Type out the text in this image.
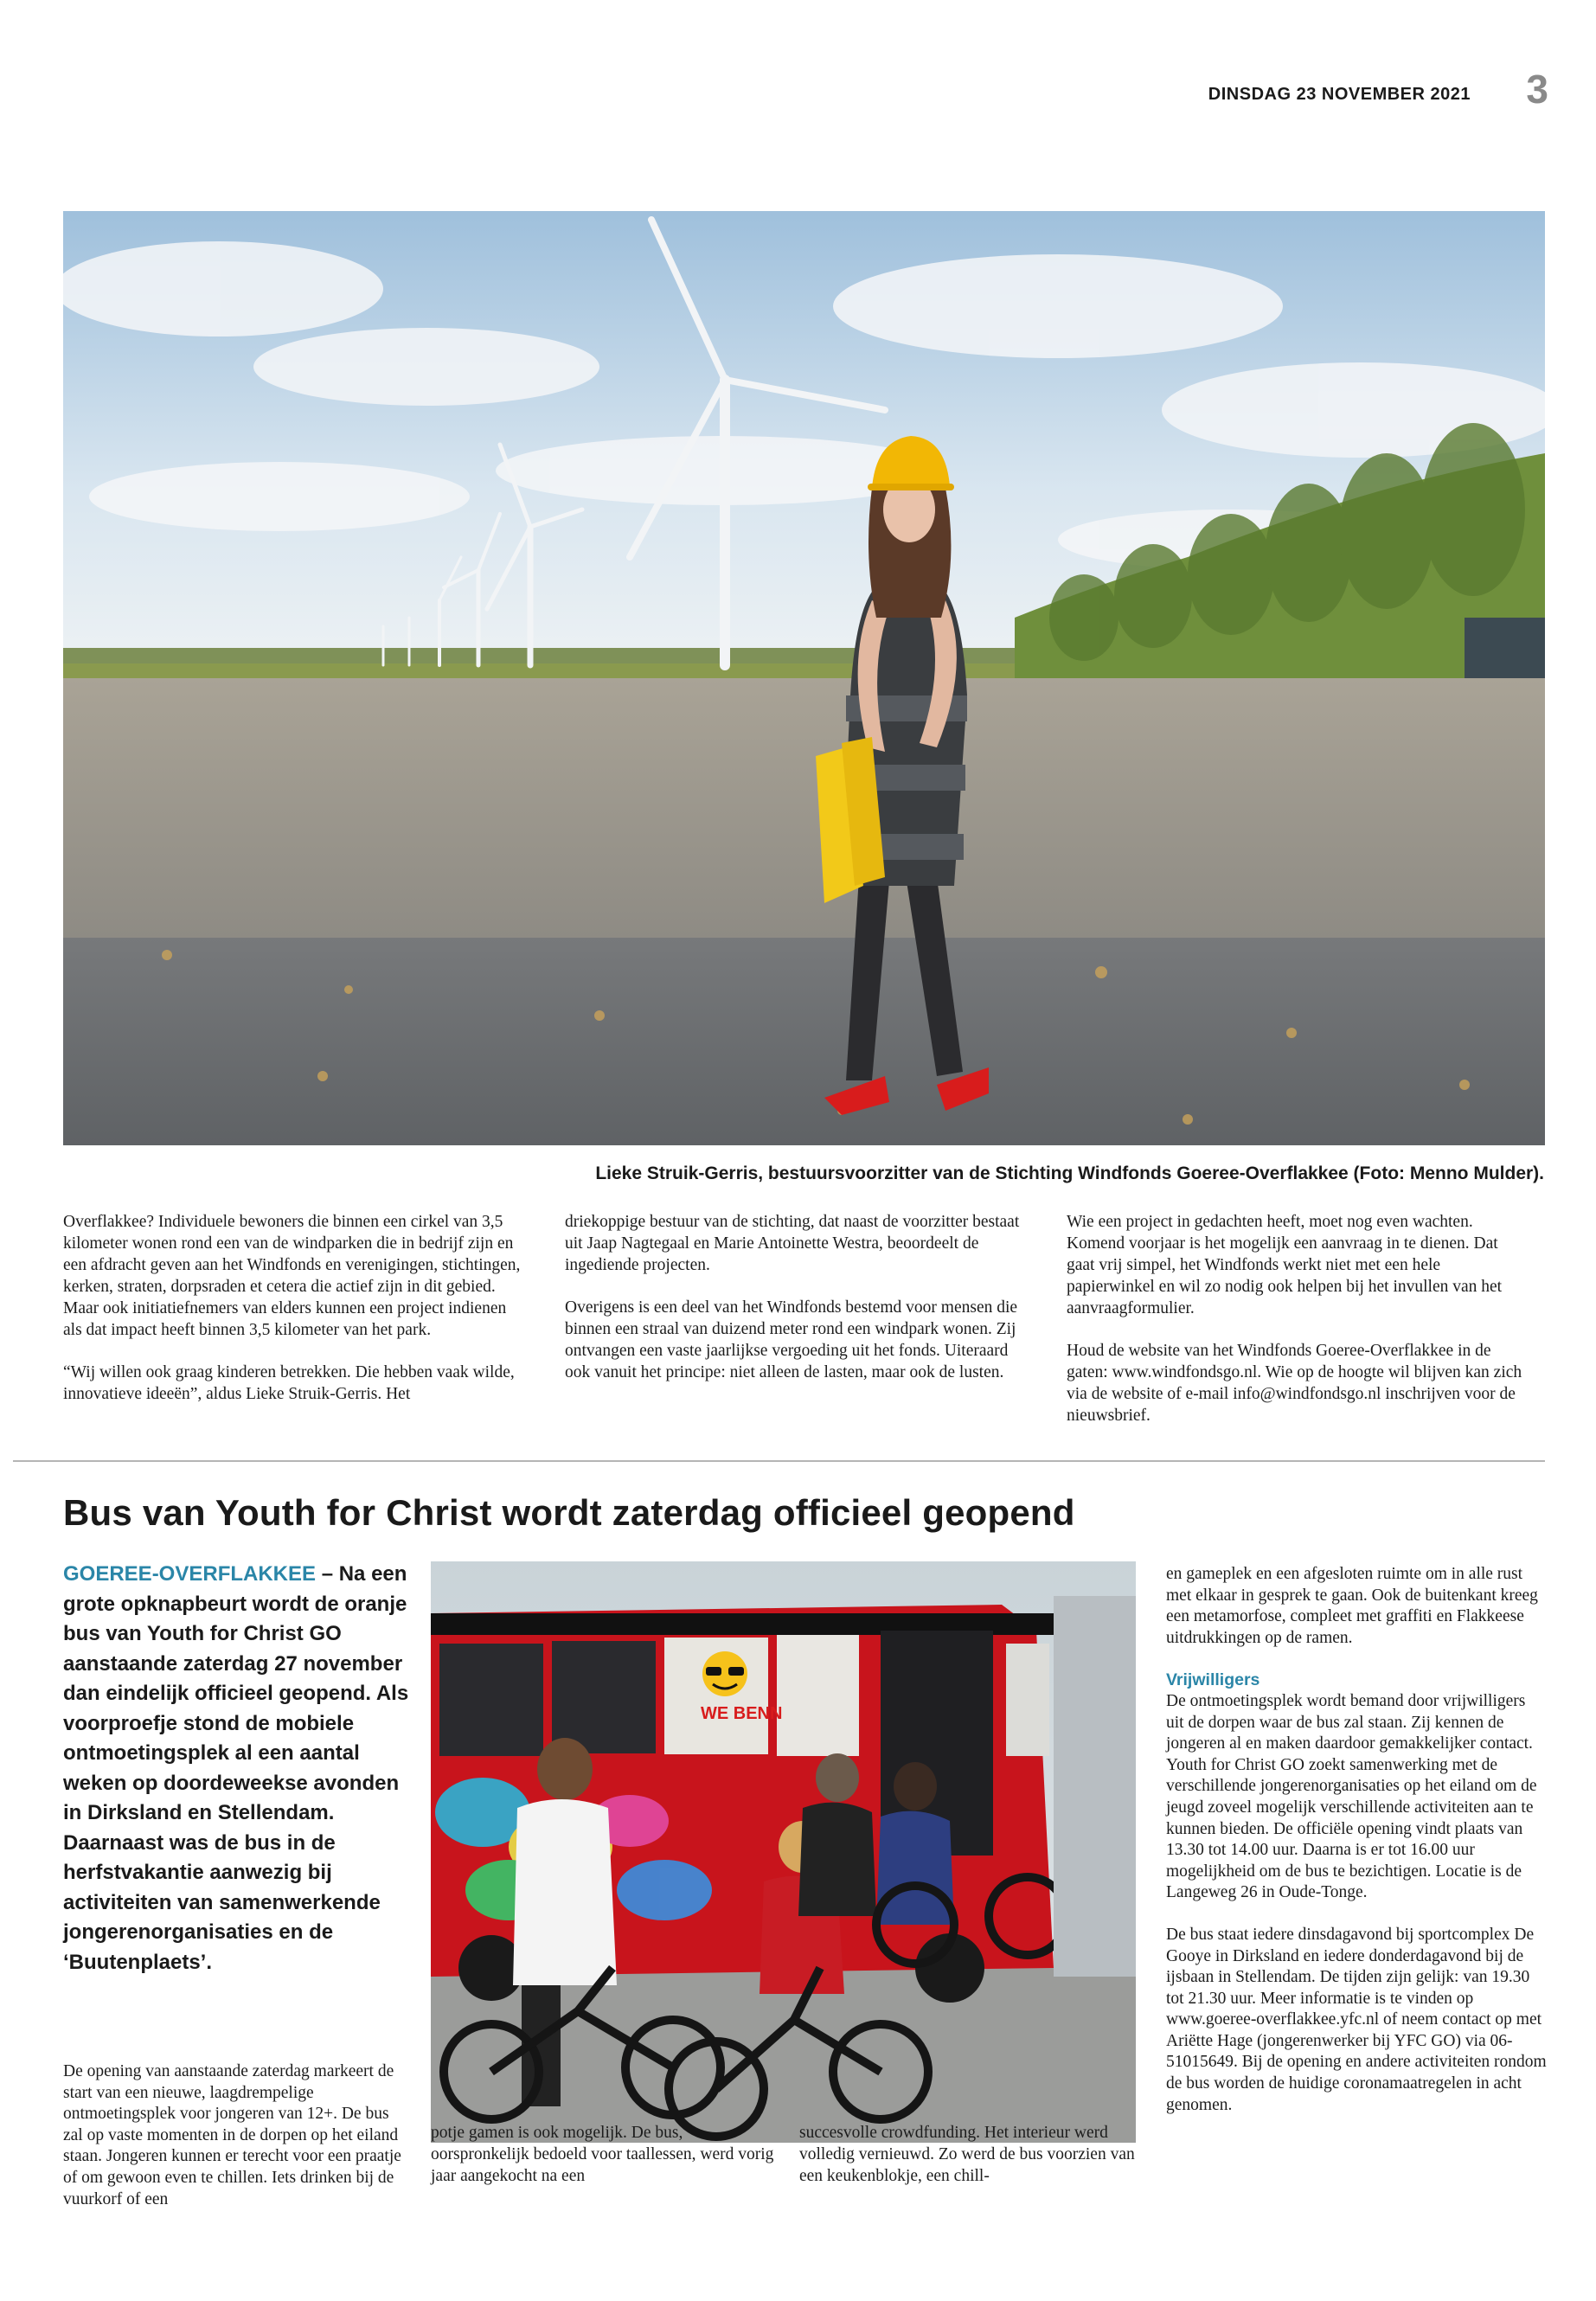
DINSDAG 23 NOVEMBER 2021 3
Lieke Struik-Gerris, bestuursvoorzitter van de Stichting Windfonds Goeree-Overflakkee (Foto: Menno Mulder).

Overflakkee? Individuele bewoners die binnen een cirkel van 3,5 kilometer wonen rond een van de windparken die in bedrijf zijn en een afdracht geven aan het Windfonds en verenigingen, stichtingen, kerken, straten, dorpsraden et cetera die actief zijn in dit gebied. Maar ook initiatiefnemers van elders kunnen een project indienen als dat impact heeft binnen 3,5 kilometer van het park.

“Wij willen ook graag kinderen betrekken. Die hebben vaak wilde, innovatieve ideeën”, aldus Lieke Struik-Gerris. Het

driekoppige bestuur van de stichting, dat naast de voorzitter bestaat uit Jaap Nagtegaal en Marie Antoinette Westra, beoordeelt de ingediende projecten.

Overigens is een deel van het Windfonds bestemd voor mensen die binnen een straal van duizend meter rond een windpark wonen. Zij ontvangen een vaste jaarlijkse vergoeding uit het fonds. Uiteraard ook vanuit het principe: niet alleen de lasten, maar ook de lusten.

Wie een project in gedachten heeft, moet nog even wachten. Komend voorjaar is het mogelijk een aanvraag in te dienen. Dat gaat vrij simpel, het Windfonds werkt niet met een hele papierwinkel en wil zo nodig ook helpen bij het invullen van het aanvraagformulier.

Houd de website van het Windfonds Goeree-Overflakkee in de gaten: www.windfondsgo.nl. Wie op de hoogte wil blijven kan zich via de website of e-mail info@windfondsgo.nl inschrijven voor de nieuwsbrief.

Bus van Youth for Christ wordt zaterdag officieel geopend
GOEREE-OVERFLAKKEE – Na een grote opknapbeurt wordt de oranje bus van Youth for Christ GO aanstaande zaterdag 27 november dan eindelijk officieel geopend. Als voorproefje stond de mobiele ontmoetingsplek al een aantal weken op doordeweekse avonden in Dirksland en Stellendam. Daarnaast was de bus in de herfstvakantie aanwezig bij activiteiten van samenwerkende jongerenorganisaties en de ‘Buutenplaets’.
De opening van aanstaande zaterdag markeert de start van een nieuwe, laagdrempelige ontmoetingsplek voor jongeren van 12+. De bus zal op vaste momenten in de dorpen op het eiland staan. Jongeren kunnen er terecht voor een praatje of om gewoon even te chillen. Iets drinken bij de vuurkorf of een
WE BENN
potje gamen is ook mogelijk. De bus, oorspronkelijk bedoeld voor taallessen, werd vorig jaar aangekocht na een
succesvolle crowdfunding. Het interieur werd volledig vernieuwd. Zo werd de bus voorzien van een keukenblokje, een chill-

en gameplek en een afgesloten ruimte om in alle rust met elkaar in gesprek te gaan. Ook de buitenkant kreeg een metamorfose, compleet met graffiti en Flakkeese uitdrukkingen op de ramen.

Vrijwilligers

De ontmoetingsplek wordt bemand door vrijwilligers uit de dorpen waar de bus zal staan. Zij kennen de jongeren al en maken daardoor gemakkelijker contact. Youth for Christ GO zoekt samenwerking met de verschillende jongerenorganisaties op het eiland om de jeugd zoveel mogelijk verschillende activiteiten aan te kunnen bieden. De officiële opening vindt plaats van 13.30 tot 14.00 uur. Daarna is er tot 16.00 uur mogelijkheid om de bus te bezichtigen. Locatie is de Langeweg 26 in Oude-Tonge.

De bus staat iedere dinsdagavond bij sportcomplex De Gooye in Dirksland en iedere donderdagavond bij de ijsbaan in Stellendam. De tijden zijn gelijk: van 19.30 tot 21.30 uur. Meer informatie is te vinden op www.goeree-overflakkee.yfc.nl of neem contact op met Ariëtte Hage (jongerenwerker bij YFC GO) via 06-51015649. Bij de opening en andere activiteiten rondom de bus worden de huidige coronamaatregelen in acht genomen.
